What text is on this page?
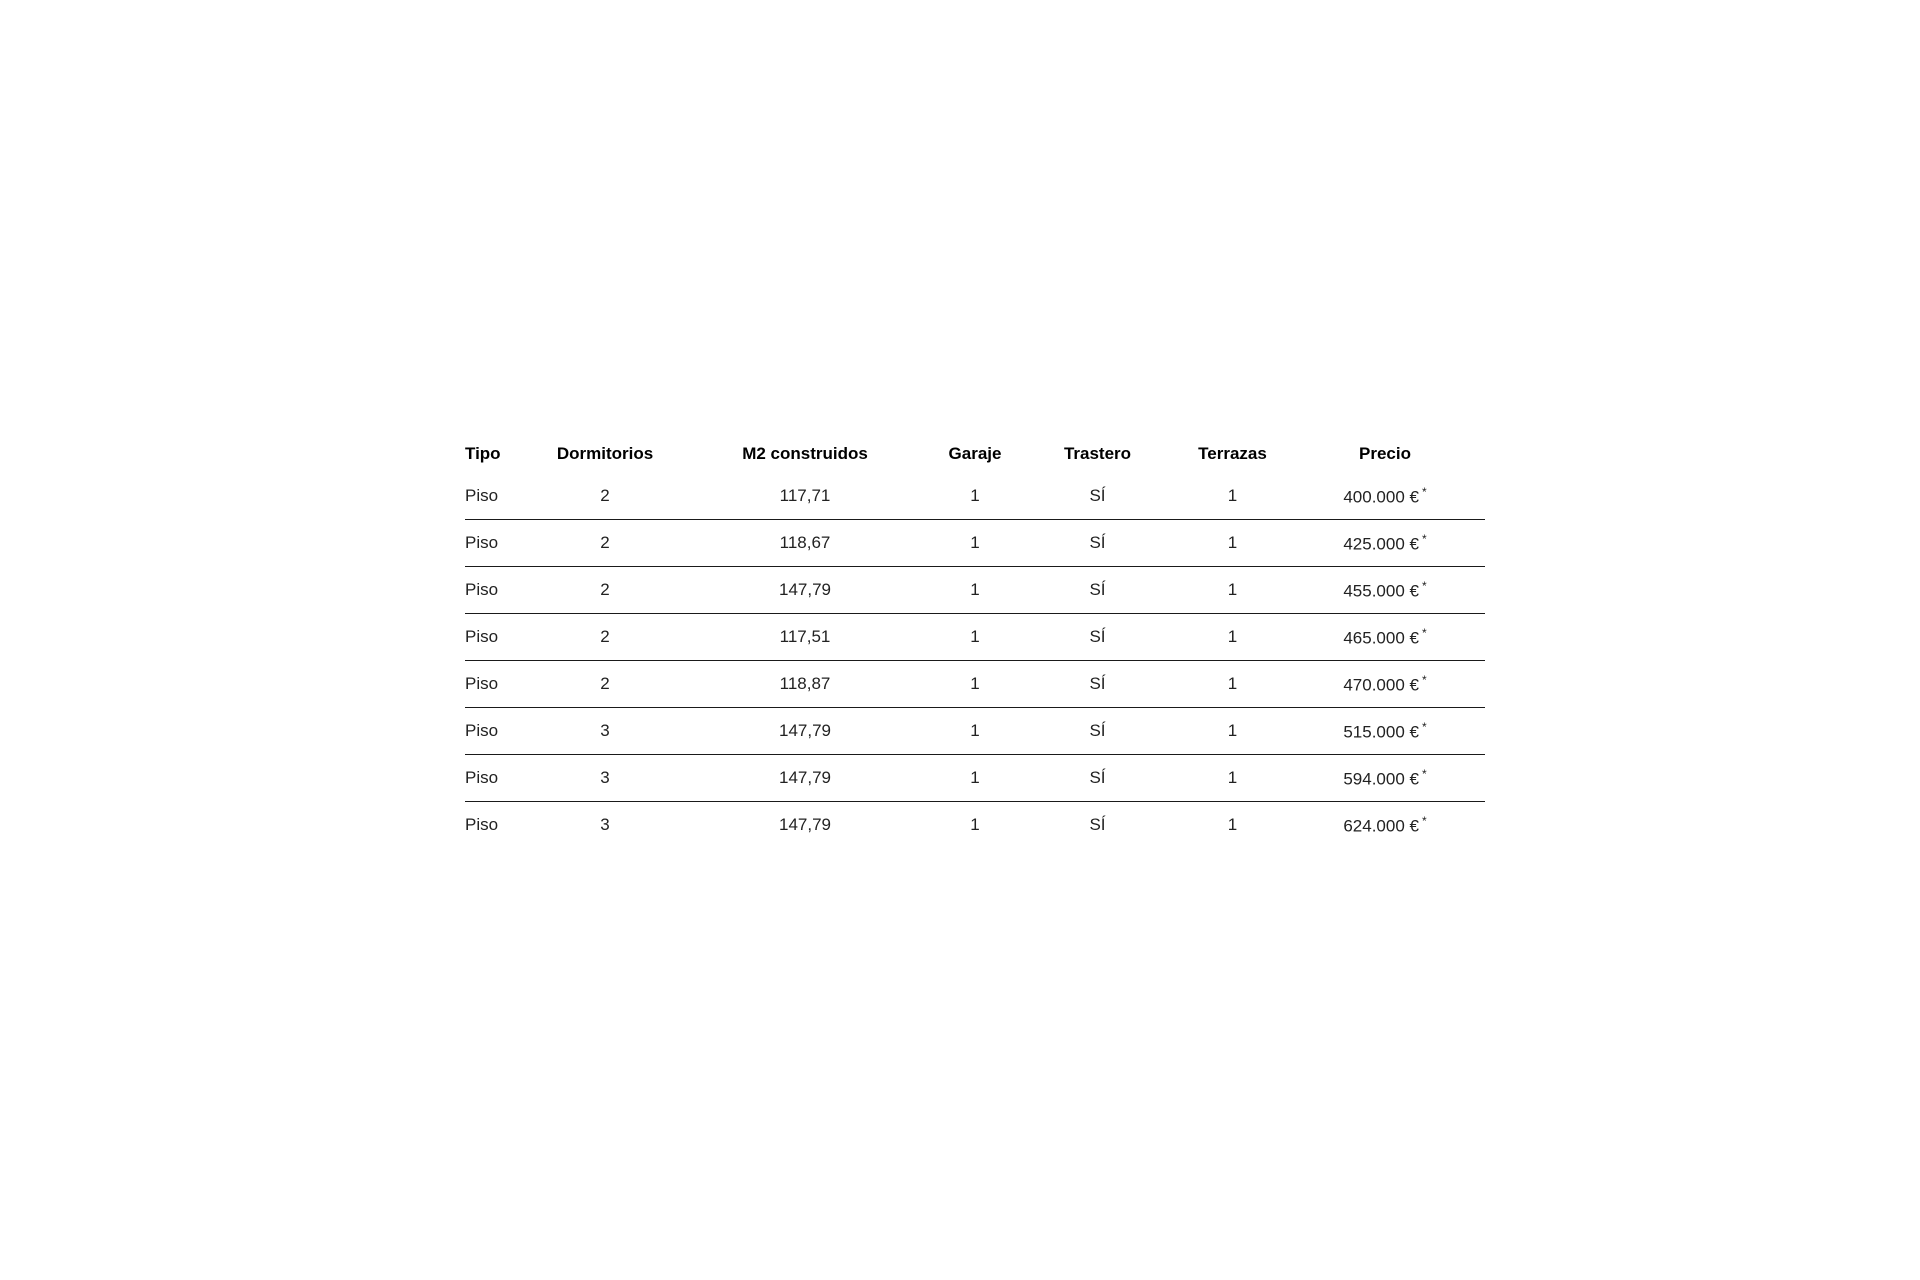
Tipo	Dormitorios	M2 construidos	Garaje	Trastero	Terrazas	Precio
Piso	2	117,71	1	SÍ	1	400.000 € *
Piso	2	118,67	1	SÍ	1	425.000 € *
Piso	2	147,79	1	SÍ	1	455.000 € *
Piso	2	117,51	1	SÍ	1	465.000 € *
Piso	2	118,87	1	SÍ	1	470.000 € *
Piso	3	147,79	1	SÍ	1	515.000 € *
Piso	3	147,79	1	SÍ	1	594.000 € *
Piso	3	147,79	1	SÍ	1	624.000 € *
